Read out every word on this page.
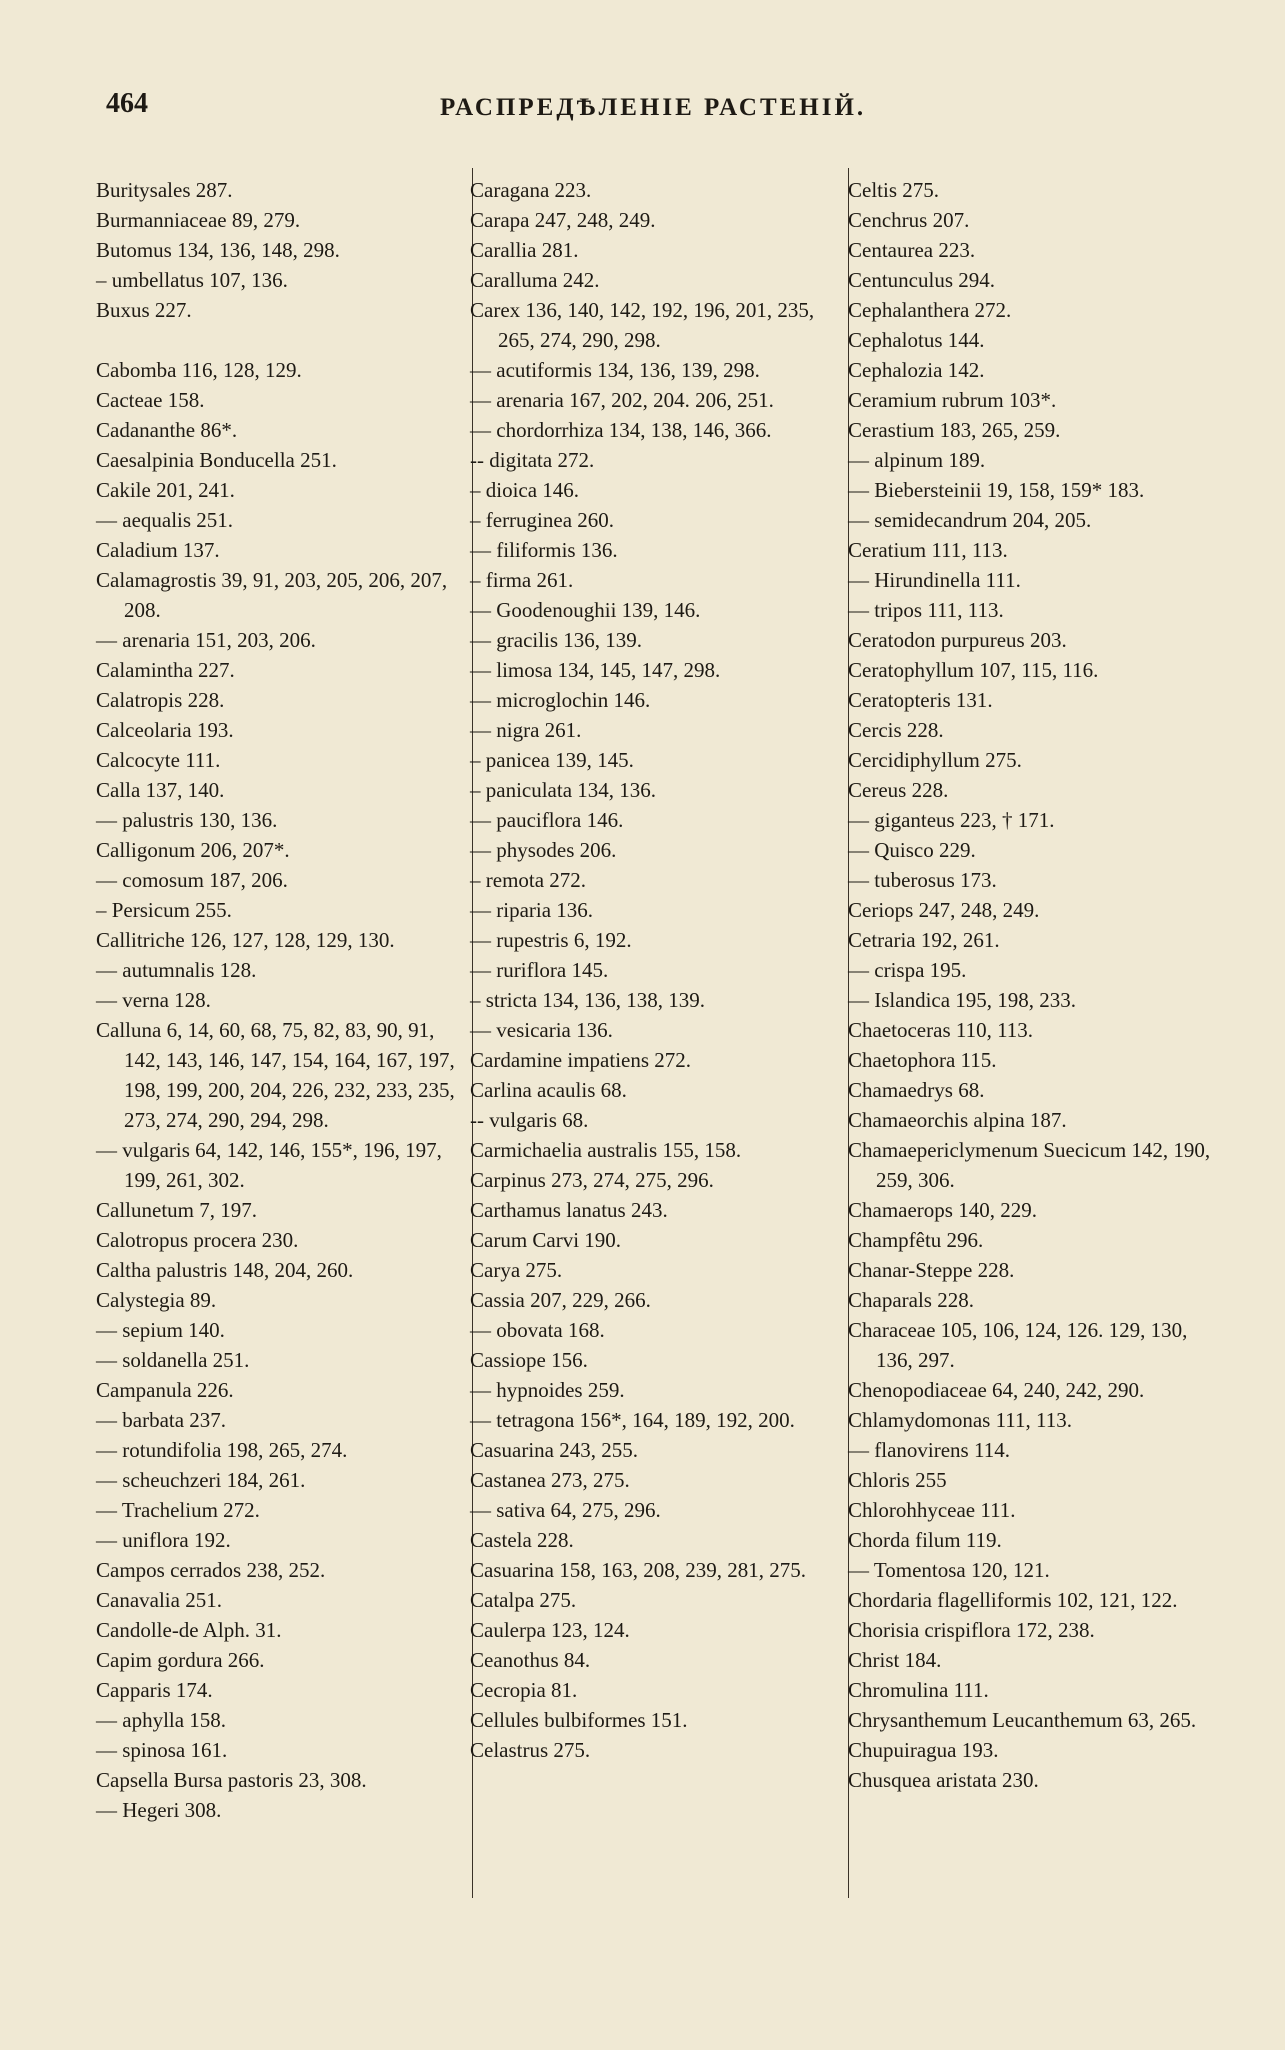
464	РАСПРЕДѢЛЕНІЕ РАСТЕНІЙ.
Buritysales 287.
Burmanniaceae 89, 279.
Butomus 134, 136, 148, 298.
– umbellatus 107, 136.
Buxus 227.
Cabomba 116, 128, 129.
Cacteae 158.
Cadananthe 86*.
Caesalpinia Bonducella 251.
Cakile 201, 241.
— aequalis 251.
Caladium 137.
Calamagrostis 39, 91, 203, 205, 206, 207, 208.
— arenaria 151, 203, 206.
Calamintha 227.
Calatropis 228.
Calceolaria 193.
Calcocyte 111.
Calla 137, 140.
— palustris 130, 136.
Calligonum 206, 207*.
— comosum 187, 206.
– Persicum 255.
Callitriche 126, 127, 128, 129, 130.
— autumnalis 128.
— verna 128.
Calluna 6, 14, 60, 68, 75, 82, 83, 90, 91, 142, 143, 146, 147, 154, 164, 167, 197, 198, 199, 200, 204, 226, 232, 233, 235, 273, 274, 290, 294, 298.
— vulgaris 64, 142, 146, 155*, 196, 197, 199, 261, 302.
Callunetum 7, 197.
Calotropus procera 230.
Caltha palustris 148, 204, 260.
Calystegia 89.
— sepium 140.
— soldanella 251.
Campanula 226.
— barbata 237.
— rotundifolia 198, 265, 274.
— scheuchzeri 184, 261.
— Trachelium 272.
— uniflora 192.
Campos cerrados 238, 252.
Canavalia 251.
Candolle-de Alph. 31.
Capim gordura 266.
Capparis 174.
— aphylla 158.
— spinosa 161.
Capsella Bursa pastoris 23, 308.
— Hegeri 308.
Caragana 223.
Carapa 247, 248, 249.
Carallia 281.
Caralluma 242.
Carex 136, 140, 142, 192, 196, 201, 235, 265, 274, 290, 298.
— acutiformis 134, 136, 139, 298.
— arenaria 167, 202, 204. 206, 251.
— chordorrhiza 134, 138, 146, 366.
-- digitata 272.
– dioica 146.
– ferruginea 260.
— filiformis 136.
– firma 261.
— Goodenoughii 139, 146.
— gracilis 136, 139.
— limosa 134, 145, 147, 298.
— microglochin 146.
— nigra 261.
– panicea 139, 145.
– paniculata 134, 136.
— pauciflora 146.
— physodes 206.
– remota 272.
— riparia 136.
— rupestris 6, 192.
— ruriflora 145.
– stricta 134, 136, 138, 139.
— vesicaria 136.
Cardamine impatiens 272.
Carlina acaulis 68.
-- vulgaris 68.
Carmichaelia australis 155, 158.
Carpinus 273, 274, 275, 296.
Carthamus lanatus 243.
Carum Carvi 190.
Carya 275.
Cassia 207, 229, 266.
— obovata 168.
Cassiope 156.
— hypnoides 259.
— tetragona 156*, 164, 189, 192, 200.
Casuarina 243, 255.
Castanea 273, 275.
— sativa 64, 275, 296.
Castela 228.
Casuarina 158, 163, 208, 239, 281, 275.
Catalpa 275.
Caulerpa 123, 124.
Ceanothus 84.
Cecropia 81.
Cellules bulbiformes 151.
Celastrus 275.
Celtis 275.
Cenchrus 207.
Centaurea 223.
Centunculus 294.
Cephalanthera 272.
Cephalotus 144.
Cephalozia 142.
Ceramium rubrum 103*.
Cerastium 183, 265, 259.
— alpinum 189.
— Biebersteinii 19, 158, 159* 183.
— semidecandrum 204, 205.
Ceratium 111, 113.
— Hirundinella 111.
— tripos 111, 113.
Ceratodon purpureus 203.
Ceratophyllum 107, 115, 116.
Ceratopteris 131.
Cercis 228.
Cercidiphyllum 275.
Cereus 228.
— giganteus 223, † 171.
— Quisco 229.
— tuberosus 173.
Ceriops 247, 248, 249.
Cetraria 192, 261.
— crispa 195.
— Islandica 195, 198, 233.
Chaetoceras 110, 113.
Chaetophora 115.
Chamaedrys 68.
Chamaeorchis alpina 187.
Chamaepericlymenum Suecicum 142, 190, 259, 306.
Chamaerops 140, 229.
Champfêtu 296.
Chanar-Steppe 228.
Chaparals 228.
Characeae 105, 106, 124, 126. 129, 130, 136, 297.
Chenopodiaceae 64, 240, 242, 290.
Chlamydomonas 111, 113.
— flanovirens 114.
Chloris 255
Chlorohhyceae 111.
Chorda filum 119.
— Tomentosa 120, 121.
Chordaria flagelliformis 102, 121, 122.
Chorisia crispiflora 172, 238.
Christ 184.
Chromulina 111.
Chrysanthemum Leucanthemum 63, 265.
Chupuiragua 193.
Chusquea aristata 230.
